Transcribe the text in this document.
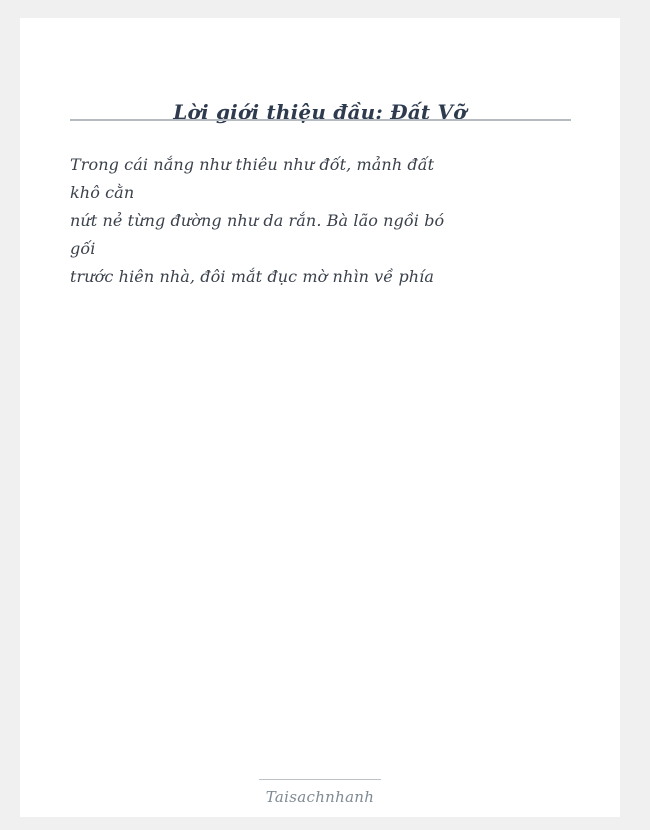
Lời giới thiệu đầu: Đất Vỡ

Trong cái nắng như thiêu như đốt, mảnh đất

khô cằn

nứt nẻ từng đường như da rắn. Bà lão ngồi bó

gối

trước hiên nhà, đôi mắt đục mờ nhìn về phía

Taisachnhanh
